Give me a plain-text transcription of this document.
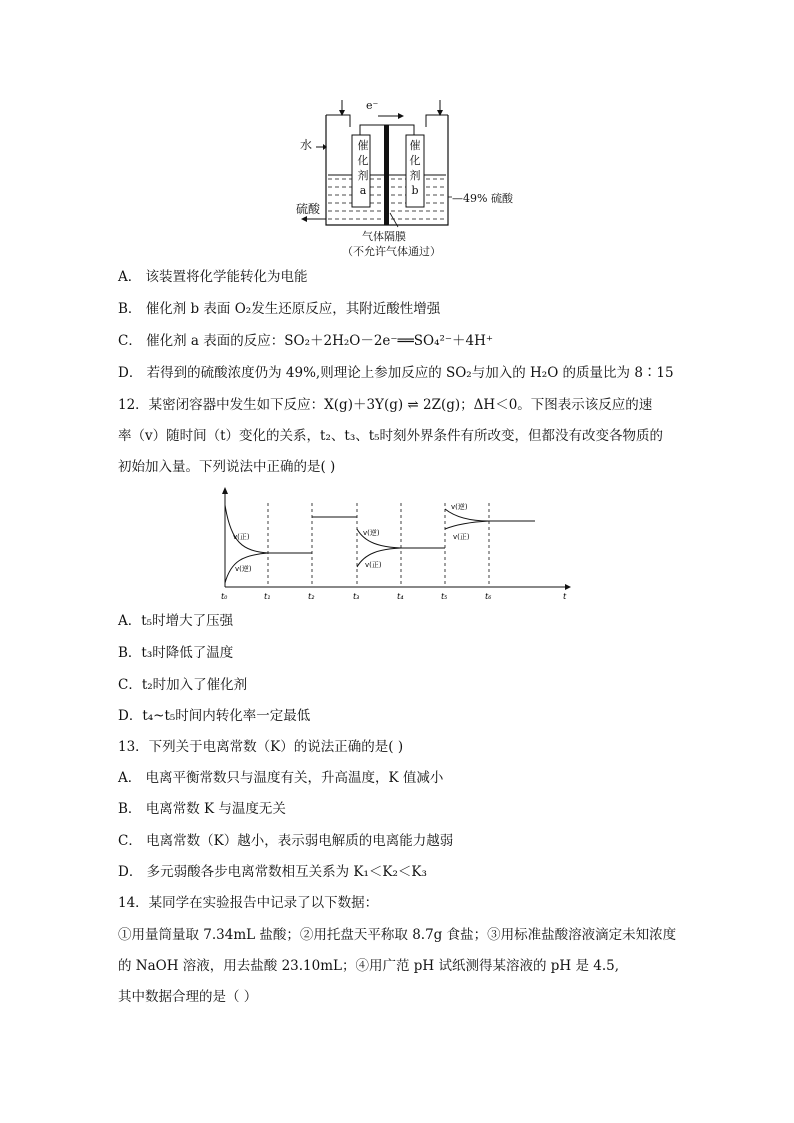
e⁻
水
硫酸
催
化
剂
a
催
化
剂
b
—49% 硫酸
气体隔膜
（不允许气体通过）
A． 该装置将化学能转化为电能
B． 催化剂 b 表面 O₂发生还原反应，其附近酸性增强
C． 催化剂 a 表面的反应：SO₂＋2H₂O－2e⁻══SO₄²⁻＋4H⁺
D． 若得到的硫酸浓度仍为 49%,则理论上参加反应的 SO₂与加入的 H₂O 的质量比为 8∶15
12．某密闭容器中发生如下反应：X(g)＋3Y(g) ⇌ 2Z(g)；ΔH＜0。下图表示该反应的速
率（v）随时间（t）变化的关系，t₂、t₃、t₅时刻外界条件有所改变，但都没有改变各物质的
初始加入量。下列说法中正确的是( )
v(正)
v(逆)
v(逆)
v(正)
v(逆)
v(正)
t₀	t₁	t₂	t₃	t₄	t₅	t₆	t
A．t₅时增大了压强
B．t₃时降低了温度
C．t₂时加入了催化剂
D．t₄~t₅时间内转化率一定最低
13．下列关于电离常数（K）的说法正确的是( )
A． 电离平衡常数只与温度有关，升高温度，K 值减小
B． 电离常数 K 与温度无关
C． 电离常数（K）越小，表示弱电解质的电离能力越弱
D． 多元弱酸各步电离常数相互关系为 K₁＜K₂＜K₃
14．某同学在实验报告中记录了以下数据：
①用量筒量取 7.34mL 盐酸；②用托盘天平称取 8.7g 食盐；③用标准盐酸溶液滴定未知浓度
的 NaOH 溶液，用去盐酸 23.10mL；④用广范 pH 试纸测得某溶液的 pH 是 4.5,
其中数据合理的是（ ）
